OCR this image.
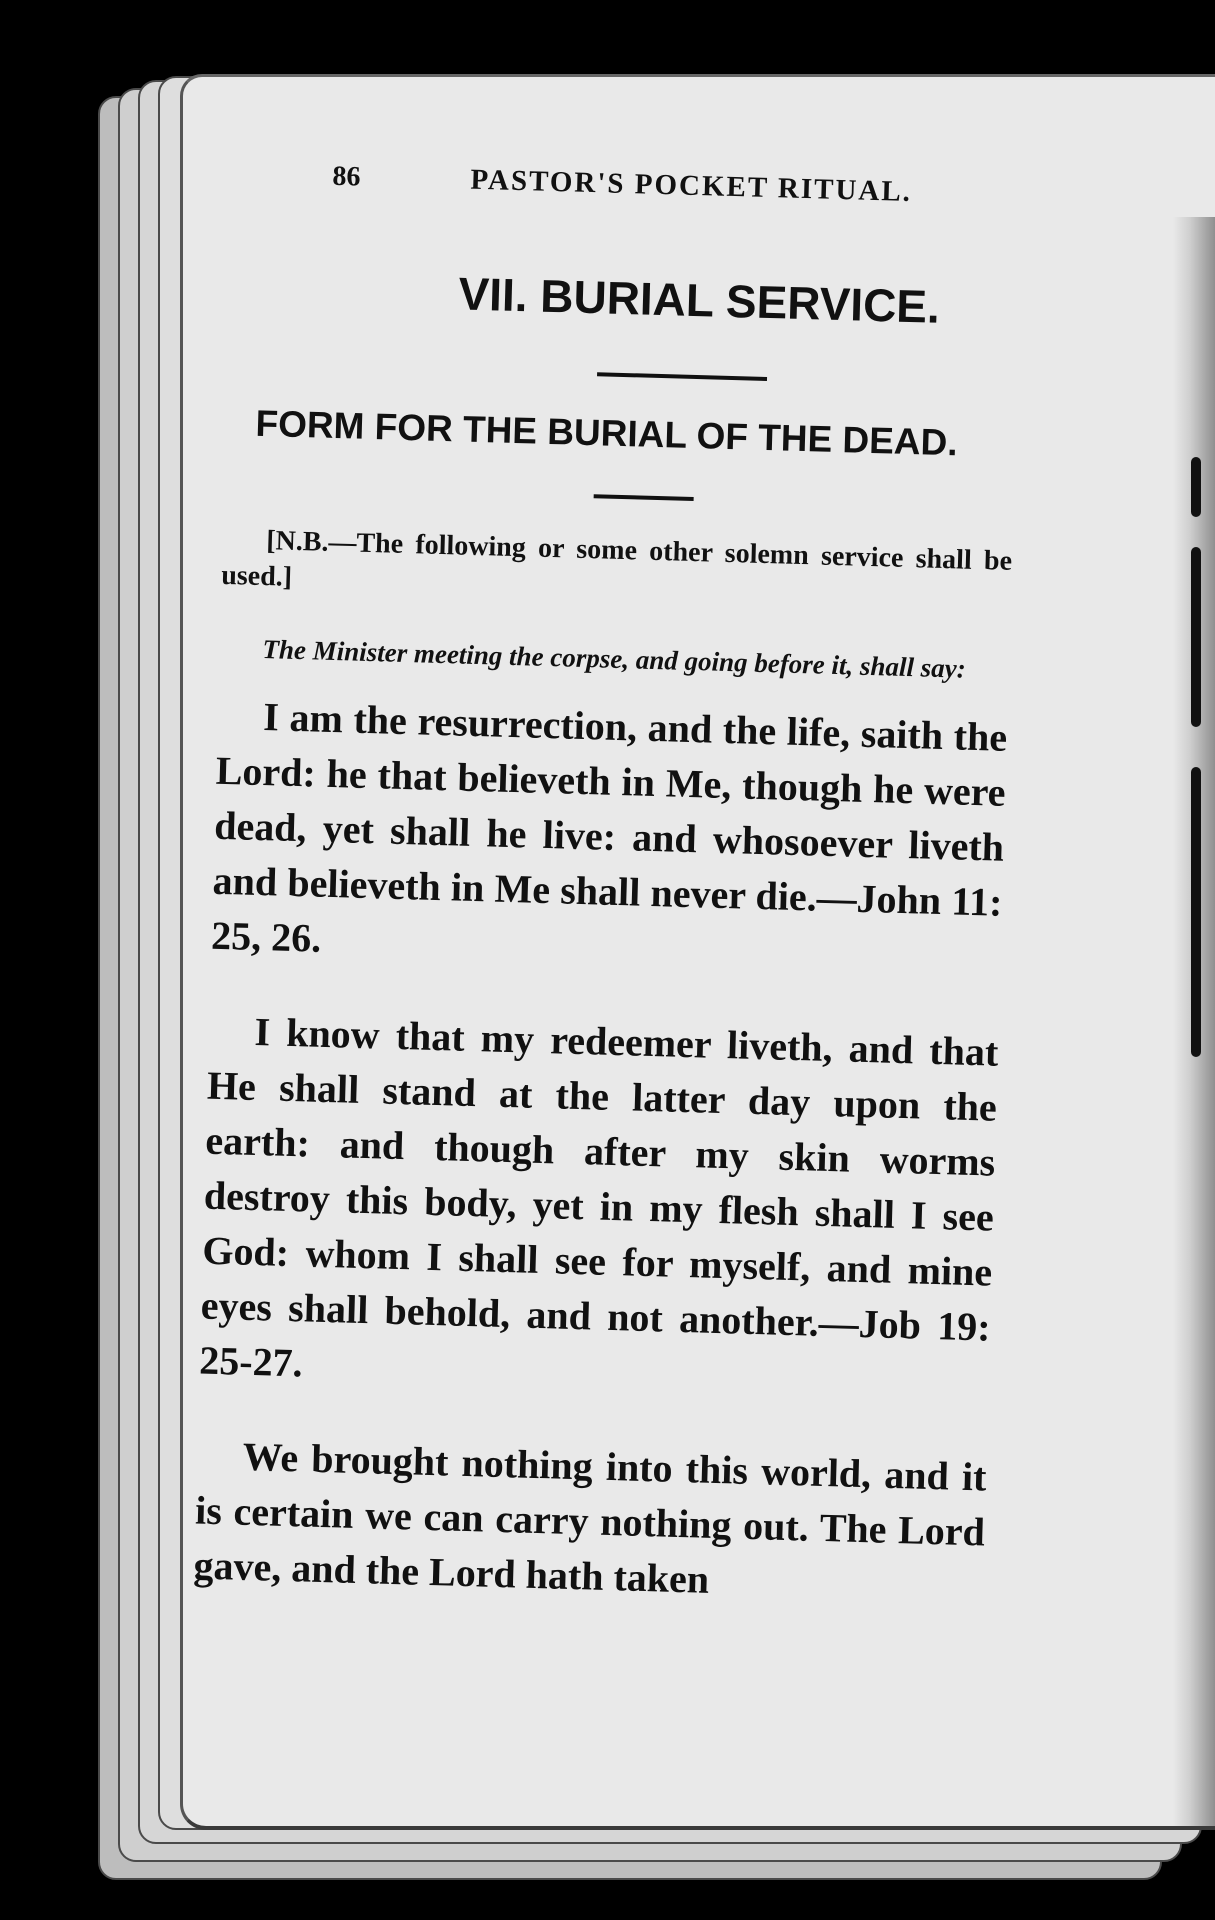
86	PASTOR'S POCKET RITUAL.
VII. BURIAL SERVICE.
FORM FOR THE BURIAL OF THE DEAD.
[N.B.—The following or some other solemn service shall be used.]
The Minister meeting the corpse, and going before it, shall say:

I am the resurrection, and the life, saith the Lord: he that believeth in Me, though he were dead, yet shall he live: and whosoever liveth and believeth in Me shall never die.—John 11: 25, 26.

I know that my redeemer liveth, and that He shall stand at the latter day upon the earth: and though after my skin worms destroy this body, yet in my flesh shall I see God: whom I shall see for myself, and mine eyes shall behold, and not another.—Job 19: 25-27.

We brought nothing into this world, and it is certain we can carry nothing out. The Lord gave, and the Lord hath taken
